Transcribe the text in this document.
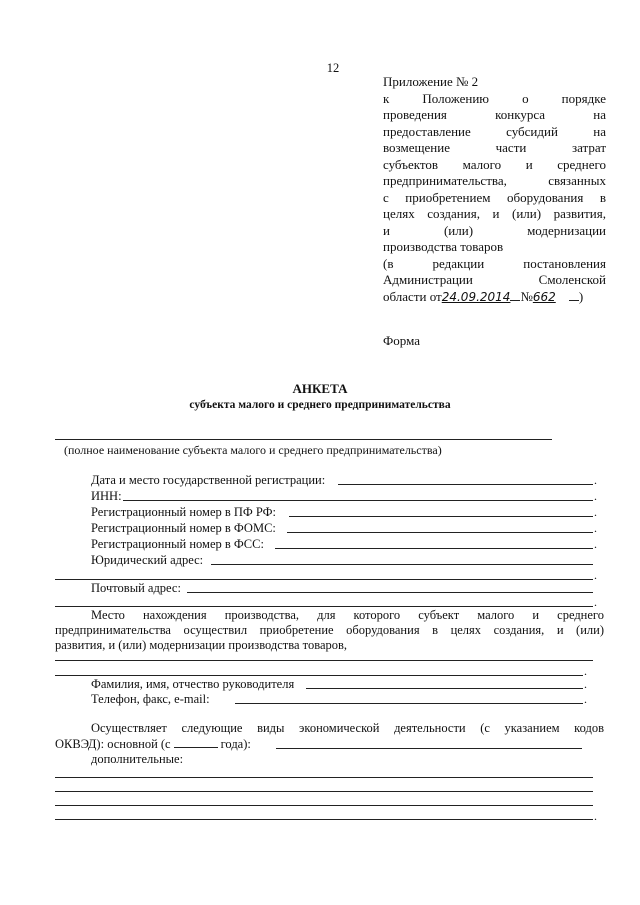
12
Приложение № 2
к Положению о порядке
проведения конкурса на
предоставление субсидий на
возмещение части затрат
субъектов малого и среднего
предпринимательства, связанных
с приобретением оборудования в
целях создания, и (или) развития,
и (или) модернизации
производства товаров
(в редакции постановления
Администрации Смоленской
области от24.09.2014 №662 )
Форма
АНКЕТА
субъекта малого и среднего предпринимательства
(полное наименование субъекта малого и среднего предпринимательства)
Дата и место государственной регистрации:	.
ИНН:	.
Регистрационный номер в ПФ РФ:	.
Регистрационный номер в ФОМС:	.
Регистрационный номер в ФСС:	.
Юридический адрес:
.
Почтовый адрес:
.
Место нахождения производства, для которого субъект малого и среднего
предпринимательства осуществил приобретение оборудования в целях создания, и (или)
развития, и (или) модернизации производства товаров,
.
Фамилия, имя, отчество руководителя	.
Телефон, факс, e-mail:	.
Осуществляет следующие виды экономической деятельности (с указанием кодов
ОКВЭД): основной (с	года):
дополнительные:
.
